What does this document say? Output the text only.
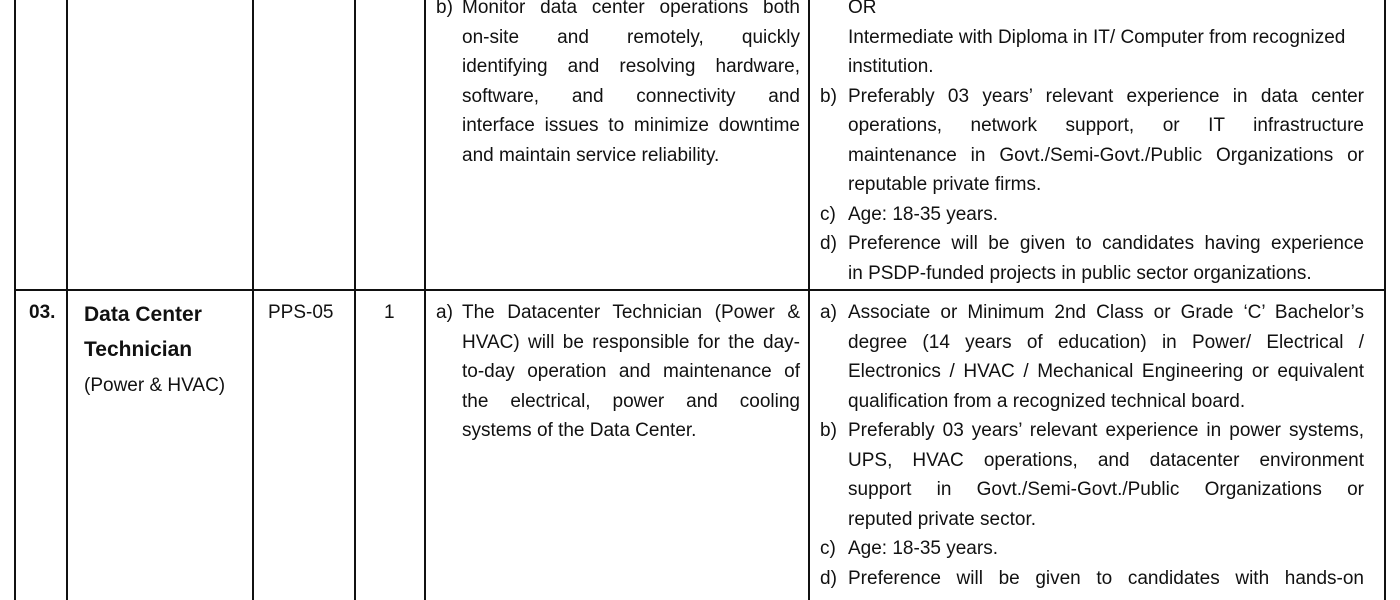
b) Monitor data center operations both
on-site and remotely, quickly
identifying and resolving hardware,
software, and connectivity and
interface issues to minimize downtime
and maintain service reliability.
OR
Intermediate with Diploma in IT/ Computer from recognized
institution.
b) Preferably 03 years’ relevant experience in data center
operations, network support, or IT infrastructure
maintenance in Govt./Semi-Govt./Public Organizations or
reputable private firms.
c) Age: 18-35 years.
d) Preference will be given to candidates having experience
in PSDP-funded projects in public sector organizations.
03. Data Center
Technician
(Power & HVAC)
PPS-05	1 a) The Datacenter Technician (Power &
HVAC) will be responsible for the day-
to-day operation and maintenance of
the electrical, power and cooling
systems of the Data Center.
a) Associate or Minimum 2nd Class or Grade ‘C’ Bachelor’s
degree (14 years of education) in Power/ Electrical /
Electronics / HVAC / Mechanical Engineering or equivalent
qualification from a recognized technical board.
b) Preferably 03 years’ relevant experience in power systems,
UPS, HVAC operations, and datacenter environment
support in Govt./Semi-Govt./Public Organizations or
reputed private sector.
c) Age: 18-35 years.
d) Preference will be given to candidates with hands-on
